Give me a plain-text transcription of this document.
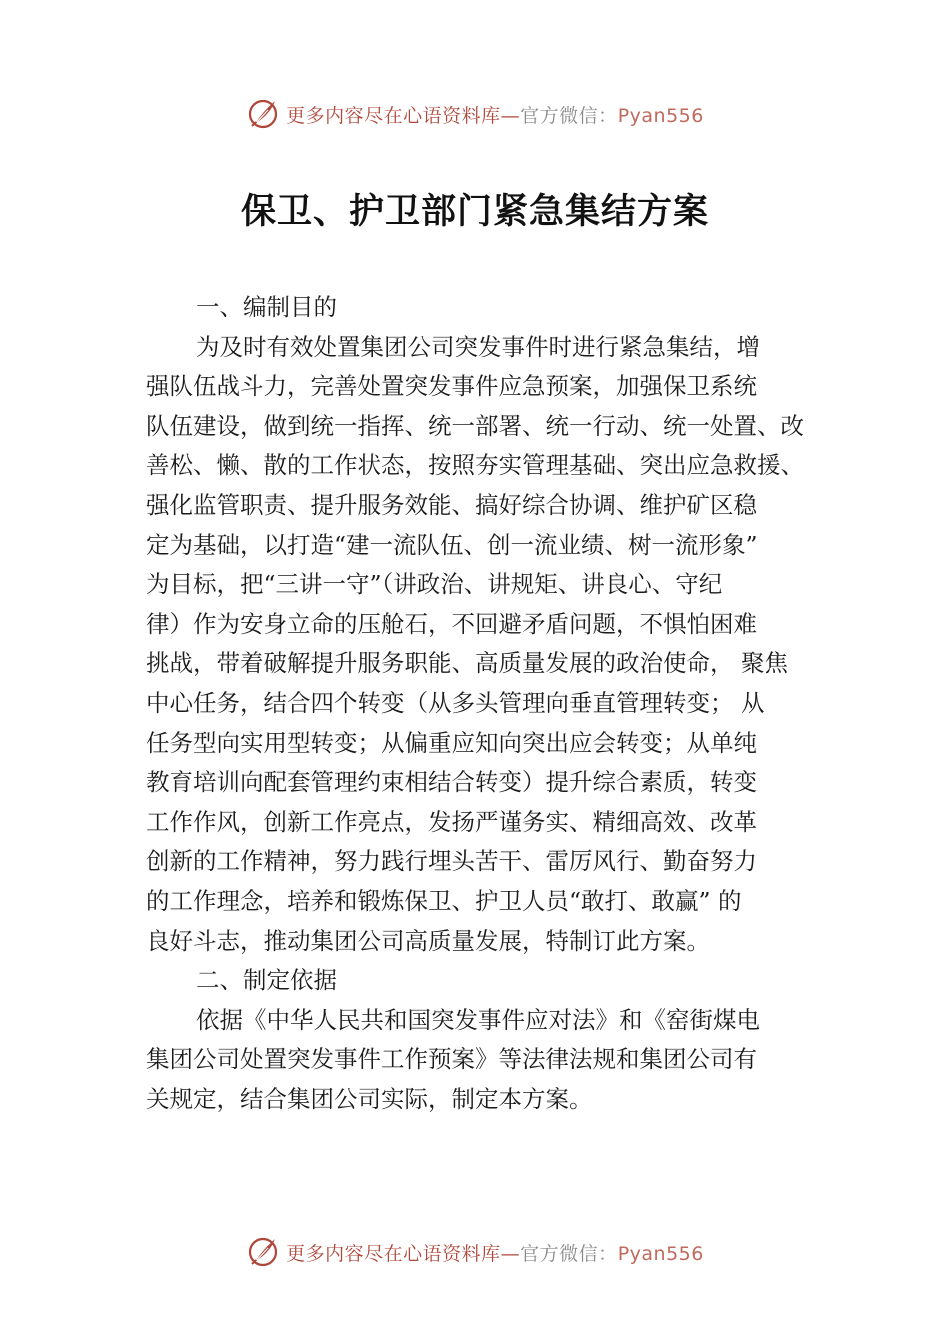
更多内容尽在心语资料库—官方微信：Pyan556
保卫、护卫部门紧急集结方案
一、编制目的

为及时有效处置集团公司突发事件时进行紧急集结，增
强队伍战斗力，完善处置突发事件应急预案，加强保卫系统
队伍建设，做到统一指挥、统一部署、统一行动、统一处置、改
善松、懒、散的工作状态，按照夯实管理基础、突出应急救援、
强化监管职责、提升服务效能、搞好综合协调、维护矿区稳
定为基础，以打造“建一流队伍、创一流业绩、树一流形象”
为目标，把“三讲一守”（讲政治、讲规矩、讲良心、守纪
律）作为安身立命的压舱石，不回避矛盾问题，不惧怕困难
挑战，带着破解提升服务职能、高质量发展的政治使命， 聚焦
中心任务，结合四个转变（从多头管理向垂直管理转变； 从
任务型向实用型转变；从偏重应知向突出应会转变；从单纯
教育培训向配套管理约束相结合转变）提升综合素质，转变
工作作风，创新工作亮点，发扬严谨务实、精细高效、改革
创新的工作精神，努力践行埋头苦干、雷厉风行、勤奋努力
的工作理念，培养和锻炼保卫、护卫人员“敢打、敢赢” 的
良好斗志，推动集团公司高质量发展，特制订此方案。

二、制定依据

依据《中华人民共和国突发事件应对法》和《窑街煤电
集团公司处置突发事件工作预案》等法律法规和集团公司有
关规定，结合集团公司实际，制定本方案。

更多内容尽在心语资料库—官方微信：Pyan556
